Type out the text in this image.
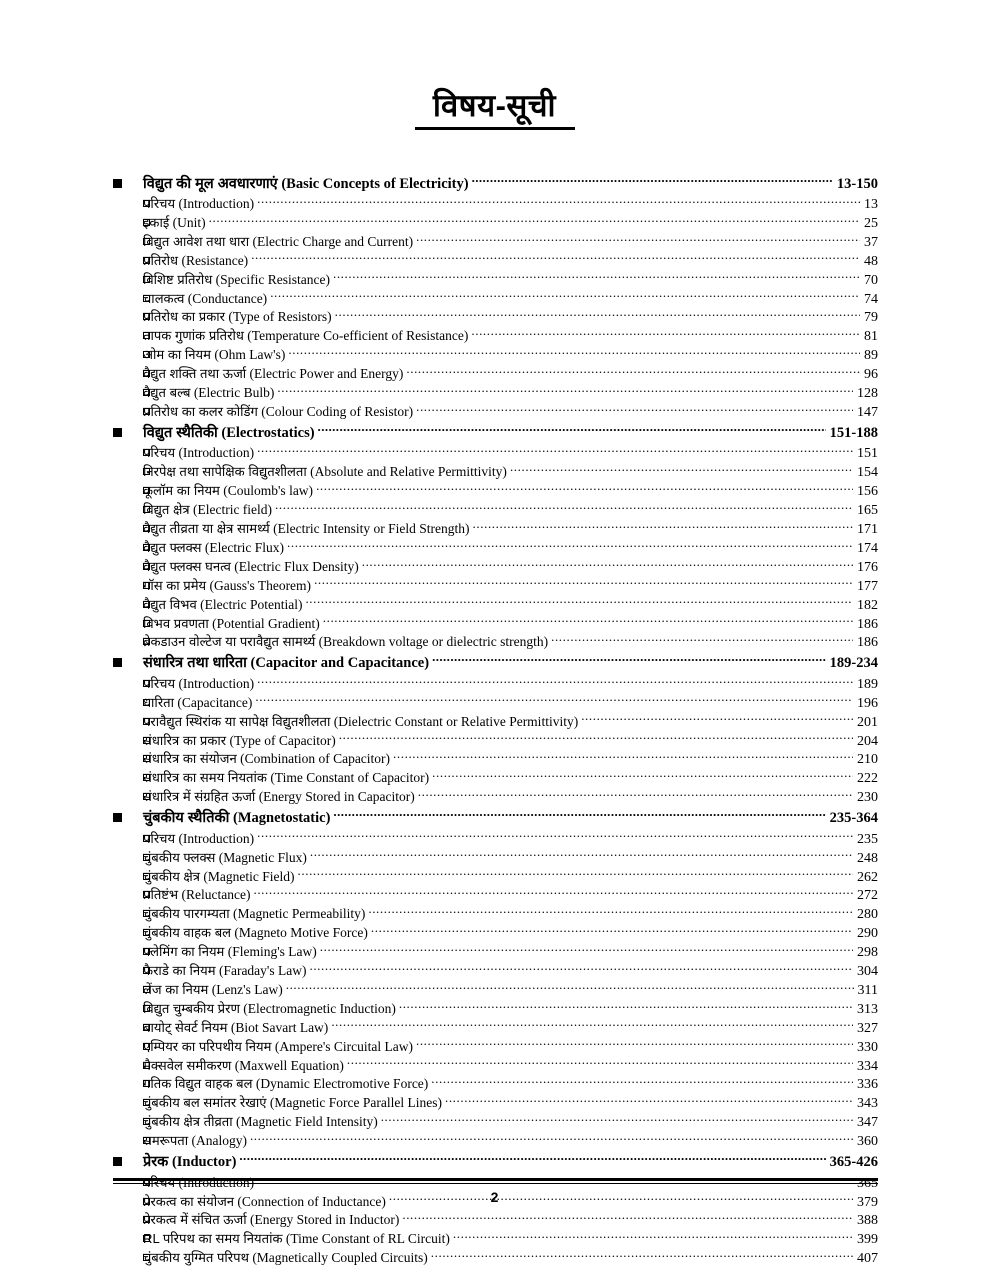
विषय-सूची
विद्युत की मूल अवधारणाएं (Basic Concepts of Electricity) .....	13-150
परिचय (Introduction) .....	13
इकाई (Unit) .....	25
विद्युत आवेश तथा धारा (Electric Charge and Current) .....	37
प्रतिरोध (Resistance) .....	48
विशिष्ट प्रतिरोध (Specific Resistance) .....	70
चालकत्व (Conductance) .....	74
प्रतिरोध का प्रकार (Type of Resistors) .....	79
तापक गुणांक प्रतिरोध (Temperature Co-efficient of Resistance) .....	81
ओम का नियम (Ohm Law's) .....	89
वैद्युत शक्ति तथा ऊर्जा (Electric Power and Energy) .....	96
वैद्युत बल्ब (Electric Bulb) .....	128
प्रतिरोध का कलर कोडिंग (Colour Coding of Resistor) .....	147
विद्युत स्थैतिकी (Electrostatics) .....	151-188
परिचय (Introduction) .....	151
निरपेक्ष तथा सापेक्षिक विद्युतशीलता (Absolute and Relative Permittivity) .....	154
कूलॉम का नियम (Coulomb's law) .....	156
विद्युत क्षेत्र (Electric field) .....	165
वैद्युत तीव्रता या क्षेत्र सामर्थ्य (Electric Intensity or Field Strength) .....	171
वैद्युत फ्लक्स (Electric Flux) .....	174
वैद्युत फ्लक्स घनत्व (Electric Flux Density) .....	176
गॉस का प्रमेय (Gauss's Theorem) .....	177
वैद्युत विभव (Electric Potential) .....	182
विभव प्रवणता (Potential Gradient) .....	186
ब्रेकडाउन वोल्टेज या परावैद्युत सामर्थ्य (Breakdown voltage or dielectric strength) .....	186
संधारित्र तथा धारिता (Capacitor and Capacitance) .....	189-234
परिचय (Introduction) .....	189
धारिता (Capacitance) .....	196
परावैद्युत स्थिरांक या सापेक्ष विद्युतशीलता (Dielectric Constant or Relative Permittivity) .....	201
संधारित्र का प्रकार (Type of Capacitor) .....	204
संधारित्र का संयोजन (Combination of Capacitor) .....	210
संधारित्र का समय नियतांक (Time Constant of Capacitor) .....	222
संधारित्र में संग्रहित ऊर्जा (Energy Stored in Capacitor) .....	230
चुंबकीय स्थैतिकी (Magnetostatic) .....	235-364
परिचय (Introduction) .....	235
चुंबकीय फ्लक्स (Magnetic Flux) .....	248
चुंबकीय क्षेत्र (Magnetic Field) .....	262
प्रतिष्टंभ (Reluctance) .....	272
चुंबकीय पारगम्यता (Magnetic Permeability) .....	280
चुंबकीय वाहक बल (Magneto Motive Force) .....	290
फ्लेमिंग का नियम (Fleming's Law) .....	298
फैराडे का नियम (Faraday's Law) .....	304
लेंज का नियम (Lenz's Law) .....	311
विद्युत चुम्बकीय प्रेरण (Electromagnetic Induction) .....	313
बायोट् सेवर्ट नियम (Biot Savart Law) .....	327
एम्पियर का परिपथीय नियम (Ampere's Circuital Law) .....	330
मैक्सवेल समीकरण (Maxwell Equation) .....	334
गतिक विद्युत वाहक बल (Dynamic Electromotive Force) .....	336
चुंबकीय बल समांतर रेखाएं (Magnetic Force Parallel Lines) .....	343
चुंबकीय क्षेत्र तीव्रता (Magnetic Field Intensity) .....	347
समरूपता (Analogy) .....	360
प्रेरक (Inductor) .....	365-426
परिचय (Introduction) .....	365
प्रेरकत्व का संयोजन (Connection of Inductance) .....	379
प्रेरकत्व में संचित ऊर्जा (Energy Stored in Inductor) .....	388
RL परिपथ का समय नियतांक (Time Constant of RL Circuit) .....	399
चुंबकीय युग्मित परिपथ (Magnetically Coupled Circuits) .....	407
2
